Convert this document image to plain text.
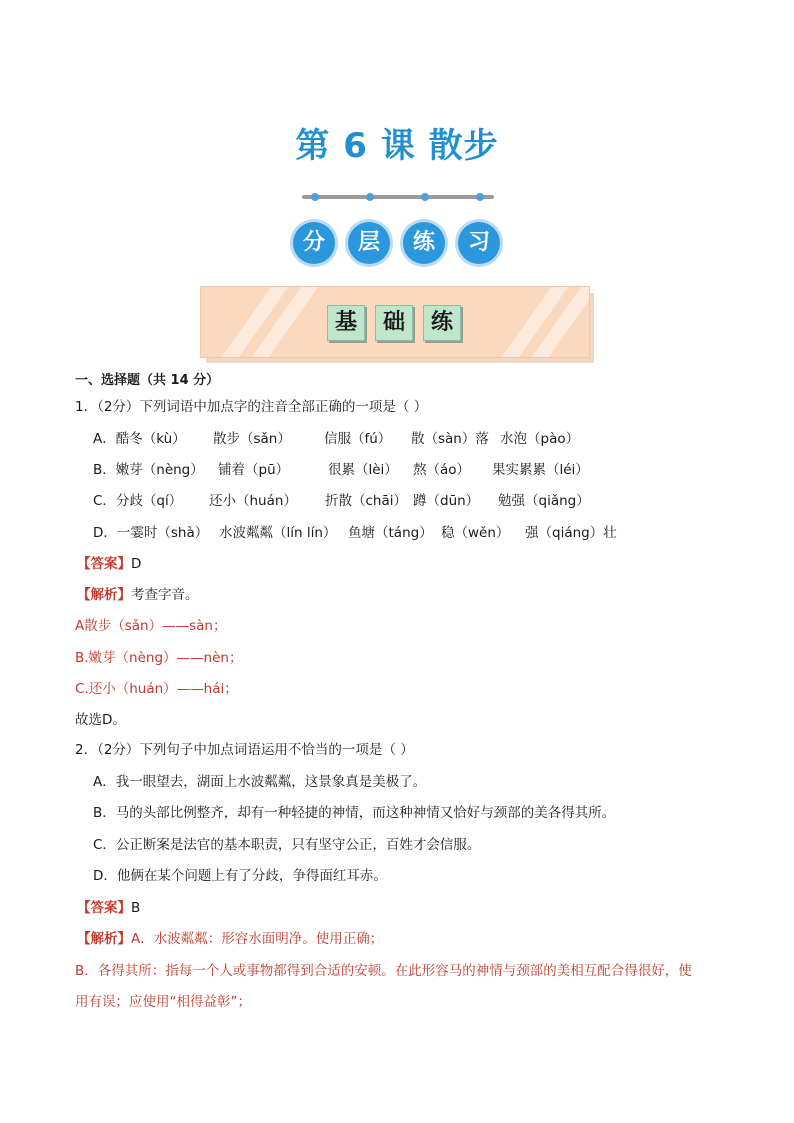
第 6 课 散步
分	层	练	习
基	础	练
一、选择题（共 14 分）
1．（2分）下列词语中加点字的注音全部正确的一项是（ ）
A．酷冬（kù） 散步（sǎn） 信服（fú） 散（sàn）落 水泡（pào）
B．嫩芽（nèng） 铺着（pū）	很累（lèi） 熬（áo） 果实累累（léi）
C．分歧（qí） 还小（huán） 折散（chāi） 蹲（dūn） 勉强（qiǎng）
D．一霎时（shà） 水波粼粼（lín lín） 鱼塘（táng） 稳（wěn） 强（qiáng）壮
【答案】D
【解析】考查字音。
A散步（sǎn）——sàn；
B.嫩芽（nèng）——nèn；
C.还小（huán）——hái；
故选D。
2．（2分）下列句子中加点词语运用不恰当的一项是（ ）
A．我一眼望去，湖面上水波粼粼，这景象真是美极了。
B．马的头部比例整齐，却有一种轻捷的神情，而这种神情又恰好与颈部的美各得其所。
C．公正断案是法官的基本职责，只有坚守公正，百姓才会信服。
D．他俩在某个问题上有了分歧，争得面红耳赤。
【答案】B
【解析】A．水波粼粼：形容水面明净。使用正确；
B．各得其所：指每一个人或事物都得到合适的安顿。在此形容马的神情与颈部的美相互配合得很好，使
用有误；应使用“相得益彰”；
